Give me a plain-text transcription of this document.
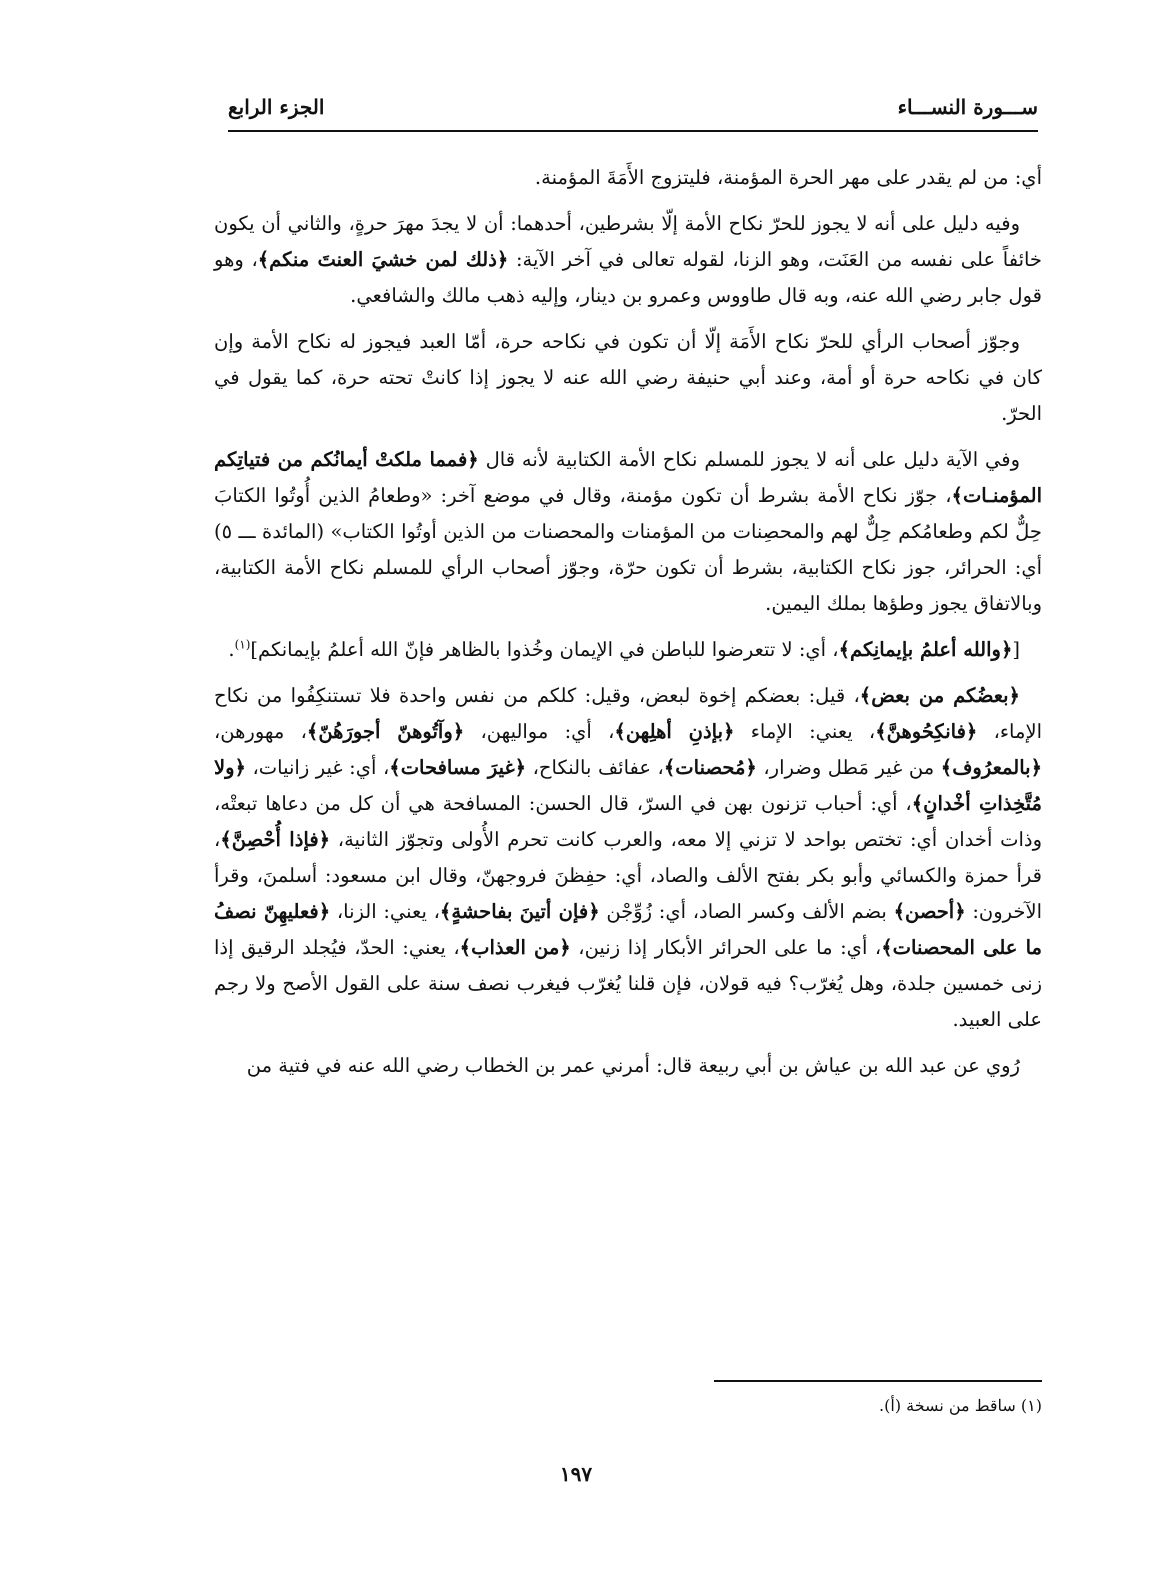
ســـورة النســـاء
الجزء الرابع

أي: من لم يقدر على مهر الحرة المؤمنة، فليتزوج الأَمَةَ المؤمنة.

وفيه دليل على أنه لا يجوز للحرّ نكاح الأمة إلّا بشرطين، أحدهما: أن لا يجدَ مهرَ حرةٍ، والثاني أن يكون خائفاً على نفسه من العَنَت، وهو الزنا، لقوله تعالى في آخر الآية: ﴿ذلك لمن خشيَ العنتَ منكم﴾، وهو قول جابر رضي الله عنه، وبه قال طاووس وعمرو بن دينار، وإليه ذهب مالك والشافعي.

وجوّز أصحاب الرأي للحرّ نكاح الأَمَة إلّا أن تكون في نكاحه حرة، أمّا العبد فيجوز له نكاح الأمة وإن كان في نكاحه حرة أو أمة، وعند أبي حنيفة رضي الله عنه لا يجوز إذا كانتْ تحته حرة، كما يقول في الحرّ.

وفي الآية دليل على أنه لا يجوز للمسلم نكاح الأمة الكتابية لأنه قال ﴿فمما ملكتْ أيمانُكم من فتياتِكم المؤمنـات﴾، جوّز نكاح الأمة بشرط أن تكون مؤمنة، وقال في موضع آخر: «وطعامُ الذين أُوتُوا الكتابَ حِلٌّ لكم وطعامُكم حِلٌّ لهم والمحصِنات من المؤمنات والمحصنات من الذين أوتُوا الكتاب» (المائدة ـــ ٥) أي: الحرائر، جوز نكاح الكتابية، بشرط أن تكون حرّة، وجوّز أصحاب الرأي للمسلم نكاح الأمة الكتابية، وبالاتفاق يجوز وطؤها بملك اليمين.

[﴿والله أعلمُ بإيمانِكم﴾، أي: لا تتعرضوا للباطن في الإيمان وخُذوا بالظاهر فإنّ الله أعلمُ بإيمانكم]$^{(١)}$.

﴿بعضُكم من بعض﴾، قيل: بعضكم إخوة لبعض، وقيل: كلكم من نفس واحدة فلا تستنكِفُوا من نكاح الإماء، ﴿فانكِحُوهنَّ﴾، يعني: الإماء ﴿بإذنِ أهلِهن﴾، أي: مواليهن، ﴿وآتُوهنّ أجورَهُنّ﴾، مهورهن، ﴿بالمعرُوف﴾ من غير مَطل وضرار، ﴿مُحصنات﴾، عفائف بالنكاح، ﴿غيرَ مسافحات﴾، أي: غير زانيات، ﴿ولا مُتَّخِذاتِ أخْدانٍ﴾، أي: أحباب تزنون بهن في السرّ، قال الحسن: المسافحة هي أن كل من دعاها تبعتْه، وذات أخدان أي: تختص بواحد لا تزني إلا معه، والعرب كانت تحرم الأُولى وتجوّز الثانية، ﴿فإذا أُحْصِنَّ﴾، قرأ حمزة والكسائي وأبو بكر بفتح الألف والصاد، أي: حفِظنَ فروجهنّ، وقال ابن مسعود: أسلمنَ، وقرأ الآخرون: ﴿أحصن﴾ بضم الألف وكسر الصاد، أي: زُوِّجْن ﴿فإن أتينَ بفاحشةٍ﴾، يعني: الزنا، ﴿فعليهِنّ نصفُ ما على المحصنات﴾، أي: ما على الحرائر الأبكار إذا زنين، ﴿من العذاب﴾، يعني: الحدّ، فيُجلد الرقيق إذا زنى خمسين جلدة، وهل يُغرّب؟ فيه قولان، فإن قلنا يُغرّب فيغرب نصف سنة على القول الأصح ولا رجم على العبيد.

رُوي عن عبد الله بن عياش بن أبي ربيعة قال: أمرني عمر بن الخطاب رضي الله عنه في فتية من

(١) ساقط من نسخة (أ).
١٩٧
